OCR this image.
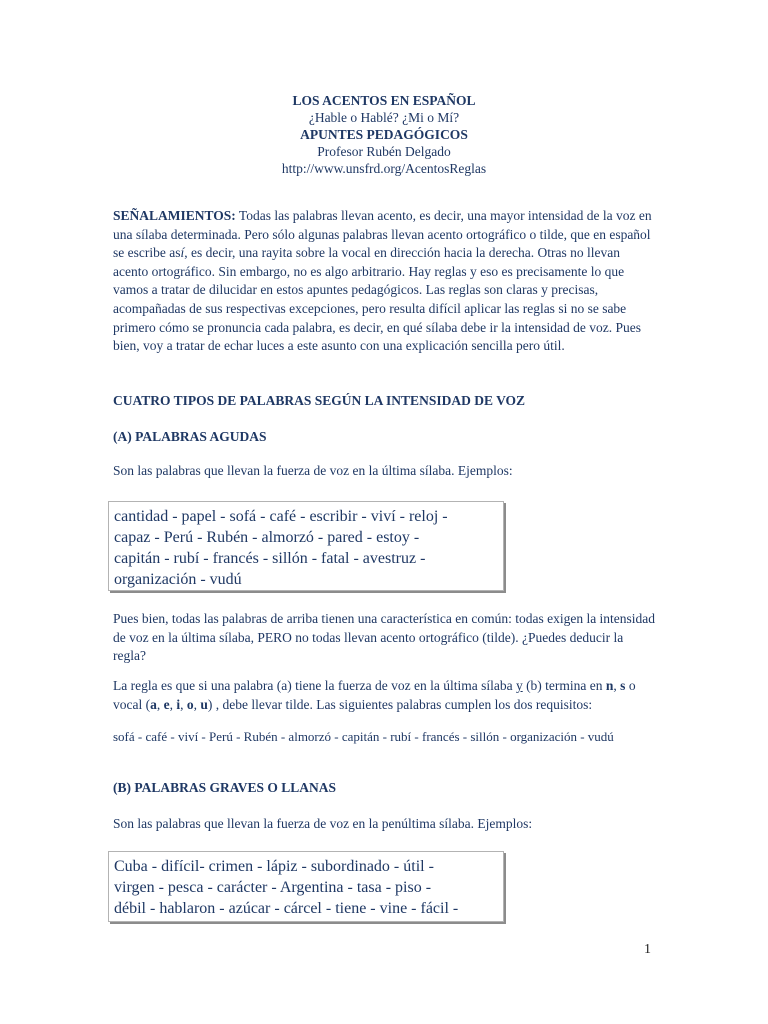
LOS ACENTOS EN ESPAÑOL
¿Hable o Hablé? ¿Mi o Mí?
APUNTES PEDAGÓGICOS
Profesor Rubén Delgado
http://www.unsfrd.org/AcentosReglas

SEÑALAMIENTOS: Todas las palabras llevan acento, es decir, una mayor intensidad de la voz en una sílaba determinada. Pero sólo algunas palabras llevan acento ortográfico o tilde, que en español se escribe así, es decir, una rayita sobre la vocal en dirección hacia la derecha. Otras no llevan acento ortográfico. Sin embargo, no es algo arbitrario. Hay reglas y eso es precisamente lo que vamos a tratar de dilucidar en estos apuntes pedagógicos. Las reglas son claras y precisas, acompañadas de sus respectivas excepciones, pero resulta difícil aplicar las reglas si no se sabe primero cómo se pronuncia cada palabra, es decir, en qué sílaba debe ir la intensidad de voz. Pues bien, voy a tratar de echar luces a este asunto con una explicación sencilla pero útil.

CUATRO TIPOS DE PALABRAS SEGÚN LA INTENSIDAD DE VOZ
(A) PALABRAS AGUDAS
Son las palabras que llevan la fuerza de voz en la última sílaba. Ejemplos:
cantidad - papel - sofá - café - escribir - viví - reloj -
capaz - Perú - Rubén - almorzó - pared - estoy -
capitán - rubí - francés - sillón - fatal - avestruz -
organización - vudú
Pues bien, todas las palabras de arriba tienen una característica en común: todas exigen la intensidad de voz en la última sílaba, PERO no todas llevan acento ortográfico (tilde). ¿Puedes deducir la regla?

La regla es que si una palabra (a) tiene la fuerza de voz en la última sílaba y (b) termina en n, s o vocal (a, e, i, o, u) , debe llevar tilde. Las siguientes palabras cumplen los dos requisitos:

sofá - café - viví - Perú - Rubén - almorzó - capitán - rubí - francés - sillón - organización - vudú
(B) PALABRAS GRAVES O LLANAS
Son las palabras que llevan la fuerza de voz en la penúltima sílaba. Ejemplos:
Cuba - difícil- crimen - lápiz - subordinado - útil -
virgen - pesca - carácter - Argentina - tasa - piso -
débil - hablaron - azúcar - cárcel - tiene - vine - fácil -
1
